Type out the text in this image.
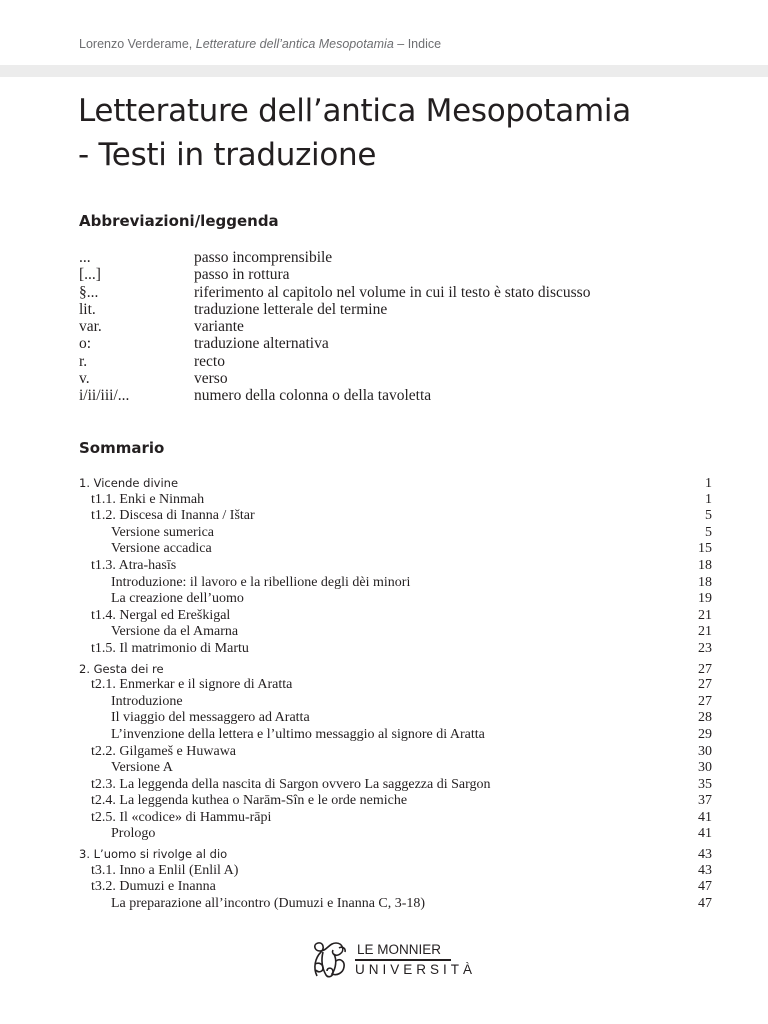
Lorenzo Verderame, Letterature dell’antica Mesopotamia – Indice
Letterature dell’antica Mesopotamia
- Testi in traduzione
Abbreviazioni/leggenda
...	passo incomprensibile
[...]	passo in rottura
§...	riferimento al capitolo nel volume in cui il testo è stato discusso
lit.	traduzione letterale del termine
var.	variante
o:	traduzione alternativa
r.	recto
v.	verso
i/ii/iii/...	numero della colonna o della tavoletta
Sommario
1. Vicende divine	1
t1.1. Enki e Ninmah	1
t1.2. Discesa di Inanna / Ištar	5
Versione sumerica	5
Versione accadica	15
t1.3. Atra-hasīs	18
Introduzione: il lavoro e la ribellione degli dèi minori	18
La creazione dell’uomo	19
t1.4. Nergal ed Ereškigal	21
Versione da el Amarna	21
t1.5. Il matrimonio di Martu	23
2. Gesta dei re	27
t2.1. Enmerkar e il signore di Aratta	27
Introduzione	27
Il viaggio del messaggero ad Aratta	28
L’invenzione della lettera e l’ultimo messaggio al signore di Aratta	29
t2.2. Gilgameš e Huwawa	30
Versione A	30
t2.3. La leggenda della nascita di Sargon ovvero La saggezza di Sargon	35
t2.4. La leggenda kuthea o Narām-Sîn e le orde nemiche	37
t2.5. Il «codice» di Hammu-rāpi	41
Prologo	41
3. L’uomo si rivolge al dio	43
t3.1. Inno a Enlil (Enlil A)	43
t3.2. Dumuzi e Inanna	47
La preparazione all’incontro (Dumuzi e Inanna C, 3-18)	47
LE MONNIER
UNIVERSITÀ
